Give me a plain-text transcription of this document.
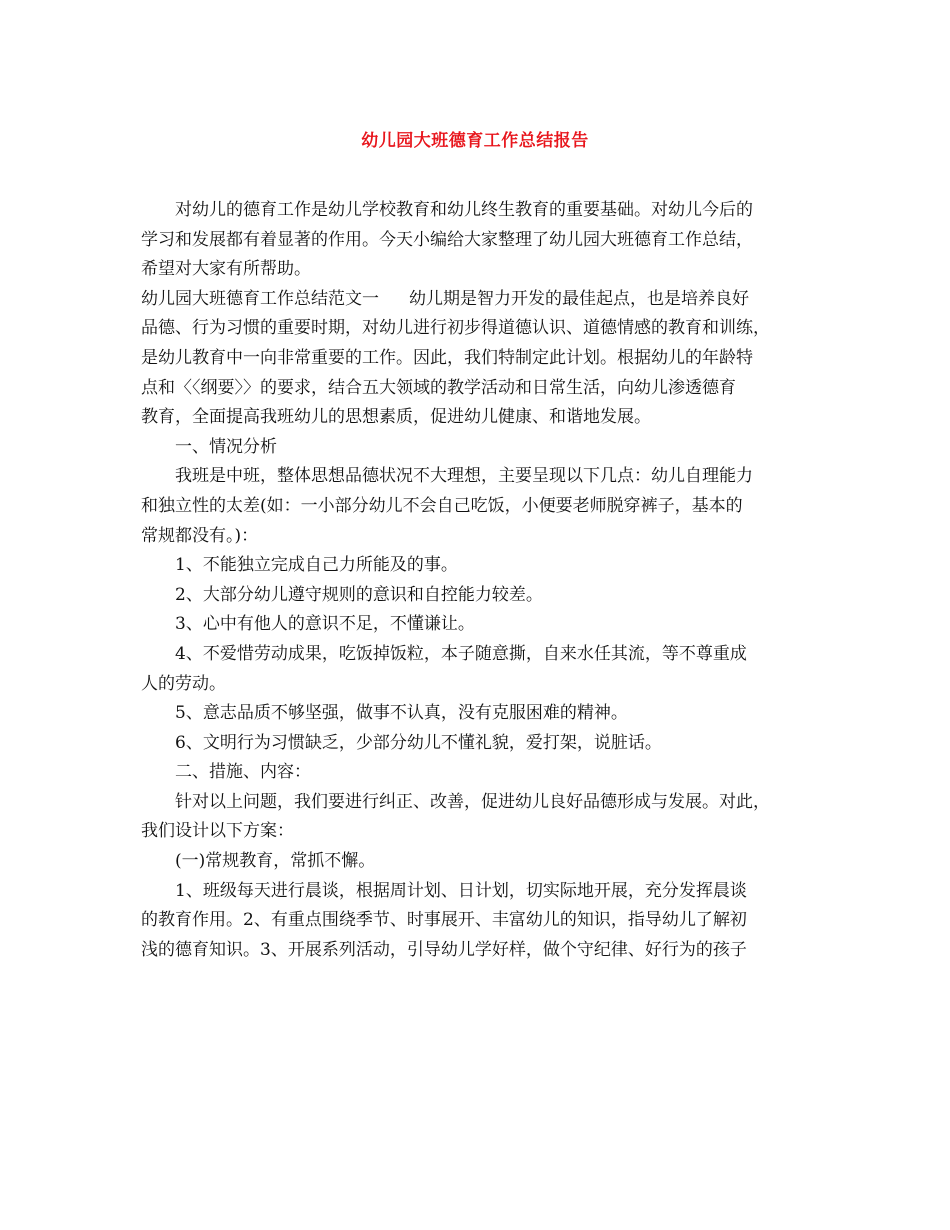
幼儿园大班德育工作总结报告
对幼儿的德育工作是幼儿学校教育和幼儿终生教育的重要基础。对幼儿今后的
学习和发展都有着显著的作用。今天小编给大家整理了幼儿园大班德育工作总结，
希望对大家有所帮助。
幼儿园大班德育工作总结范文一 幼儿期是智力开发的最佳起点，也是培养良好
品德、行为习惯的重要时期，对幼儿进行初步得道德认识、道德情感的教育和训练，
是幼儿教育中一向非常重要的工作。因此，我们特制定此计划。根据幼儿的年龄特
点和〈〈纲要〉〉的要求，结合五大领域的教学活动和日常生活，向幼儿渗透德育
教育，全面提高我班幼儿的思想素质，促进幼儿健康、和谐地发展。
一、情况分析
我班是中班，整体思想品德状况不大理想，主要呈现以下几点：幼儿自理能力
和独立性的太差(如：一小部分幼儿不会自己吃饭，小便要老师脱穿裤子，基本的
常规都没有。)：
1、不能独立完成自己力所能及的事。
2、大部分幼儿遵守规则的意识和自控能力较差。
3、心中有他人的意识不足，不懂谦让。
4、不爱惜劳动成果，吃饭掉饭粒，本子随意撕，自来水任其流，等不尊重成
人的劳动。
5、意志品质不够坚强，做事不认真，没有克服困难的精神。
6、文明行为习惯缺乏，少部分幼儿不懂礼貌，爱打架，说脏话。
二、措施、内容：
针对以上问题，我们要进行纠正、改善，促进幼儿良好品德形成与发展。对此，
我们设计以下方案：
(一)常规教育，常抓不懈。
1、班级每天进行晨谈，根据周计划、日计划，切实际地开展，充分发挥晨谈
的教育作用。2、有重点围绕季节、时事展开、丰富幼儿的知识，指导幼儿了解初
浅的德育知识。3、开展系列活动，引导幼儿学好样，做个守纪律、好行为的孩子
